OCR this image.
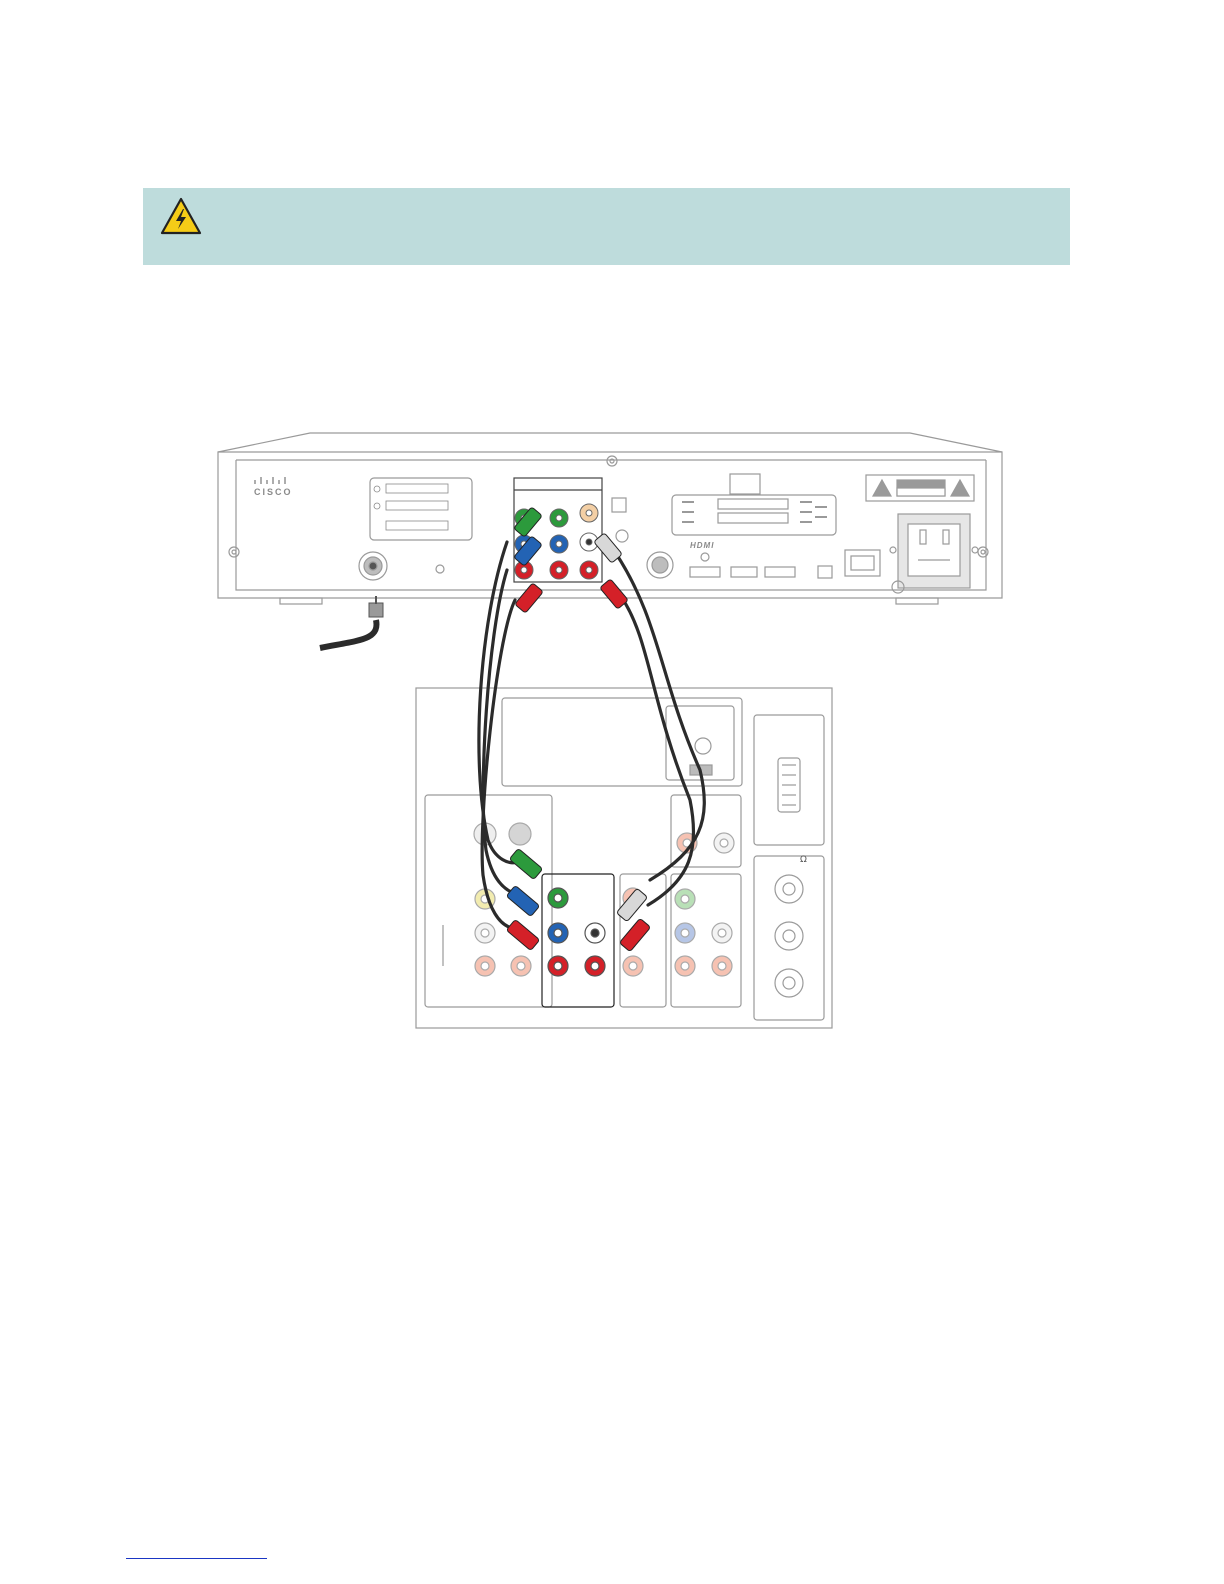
CISCO
HDMI
Ω
